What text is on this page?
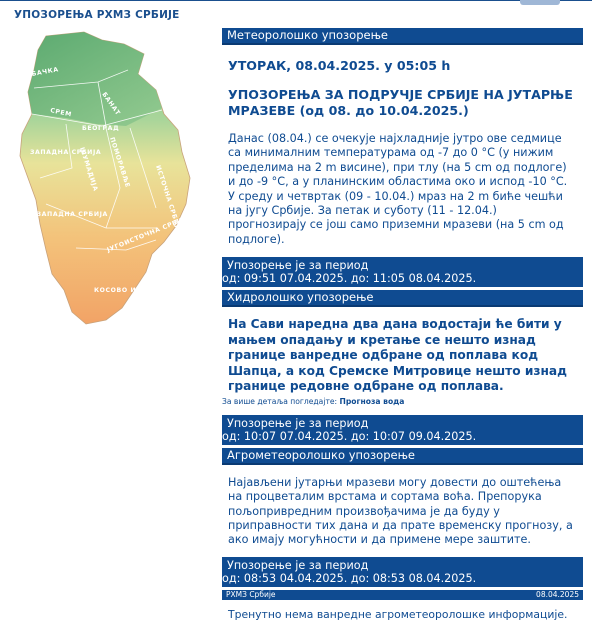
УПОЗОРЕЊА РХМЗ СРБИЈЕ
БАЧКА
БАНАТ
СРЕМ
БЕОГРАД
ЗАПАДНА СРБИЈА
ШУМАДИЈА ПОМОРАВЉЕ
ИСТОЧНА СРБИЈА
ЈУГОЗАПАДНА СРБИЈА
ЈУГОИСТОЧНА СРБИЈА
КОСОВО И МЕТОХИЈА
Метеоролошко упозорење
УТОРАК, 08.04.2025. у 05:05 h
УПОЗОРЕЊА ЗА ПОДРУЧЈЕ СРБИЈЕ НА ЈУТАРЊЕ МРАЗЕВЕ (од 08. до 10.04.2025.)
Данас (08.04.) се очекује најхладније јутро ове седмице са минималним температурама од -7 до 0 °C (у нижим пределима на 2 m висине), при тлу (на 5 cm од подлоге) и до -9 °C, а у планинским областима око и испод -10 °C. У среду и четвртак (09 - 10.04.) мраз на 2 m биће чешћи на југу Србије. За петак и суботу (11 - 12.04.) прогнозирају се још само приземни мразеви (на 5 cm од подлоге).
Упозорење је за период
од: 09:51 07.04.2025. до: 11:05 08.04.2025.
Хидролошко упозорење
На Сави наредна два дана водостаји ће бити у мањем опадању и кретање се нешто изнад границе ванредне одбране од поплава код Шапца, а код Сремске Митровице нешто изнад границе редовне одбране од поплава.
За више детаља погледајте: Прогноза вода
Упозорење је за период
од: 10:07 07.04.2025. до: 10:07 09.04.2025.
Агрометеоролошко упозорење
Најављени јутарњи мразеви могу довести до оштећења на процветалим врстама и сортама воћа. Препорука пољопривредним произвођачима је да буду у приправности тих дана и да прате временску прогнозу, а ако имају могућности и да примене мере заштите.
Упозорење је за период
од: 08:53 04.04.2025. до: 08:53 08.04.2025.
РХМЗ Србије	08.04.2025
Тренутно нема ванредне агрометеоролошке информације.
